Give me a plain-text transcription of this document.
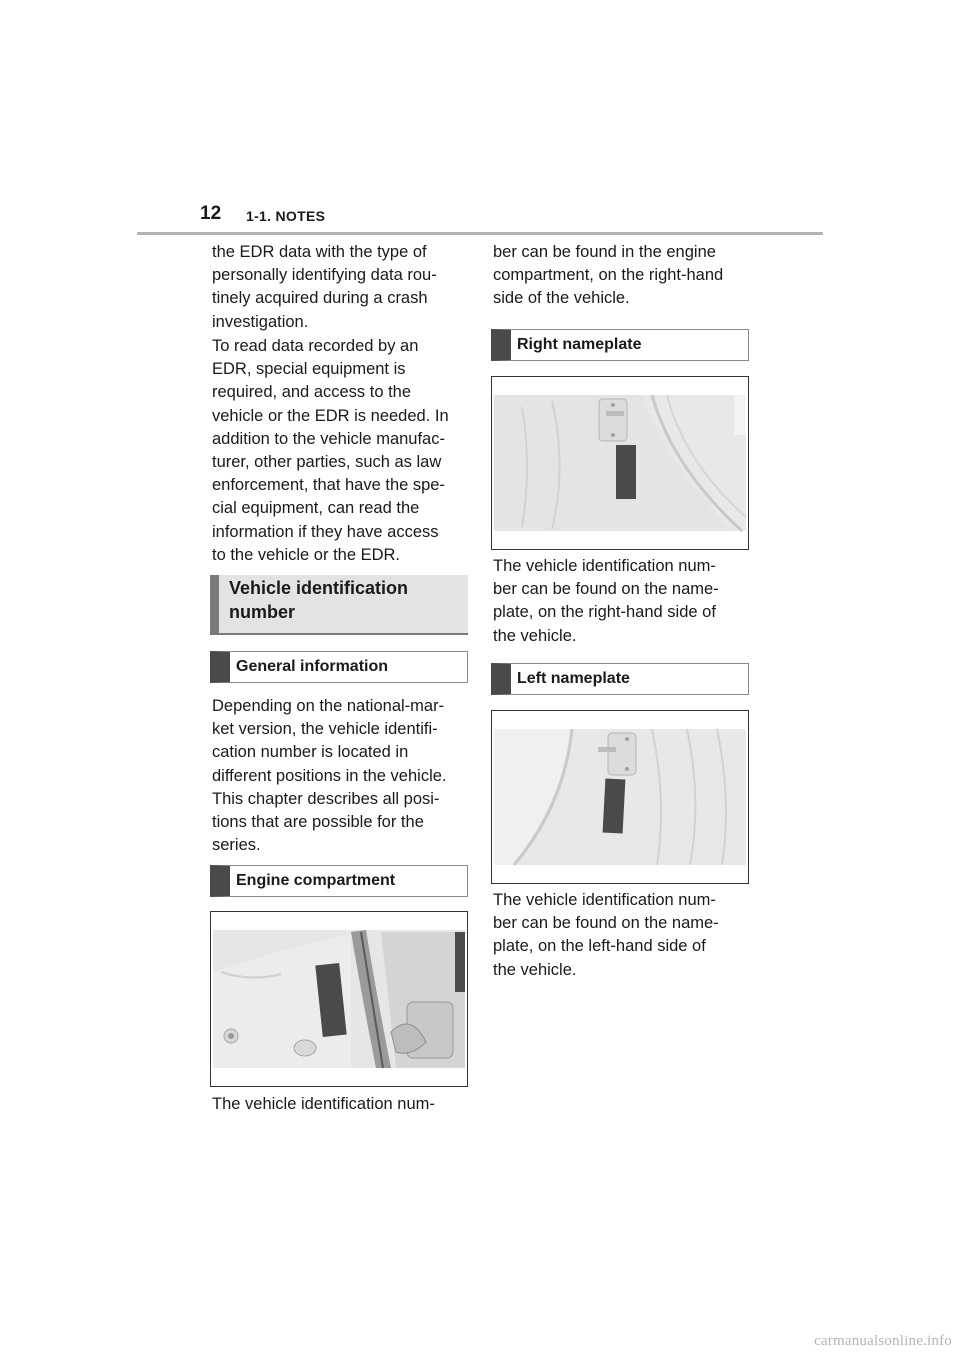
12 1-1. NOTES
the EDR data with the type of
personally identifying data rou-
tinely acquired during a crash
investigation.
To read data recorded by an
EDR, special equipment is
required, and access to the
vehicle or the EDR is needed. In
addition to the vehicle manufac-
turer, other parties, such as law
enforcement, that have the spe-
cial equipment, can read the
information if they have access
to the vehicle or the EDR.
Vehicle identification
number
General information
Depending on the national-mar-
ket version, the vehicle identifi-
cation number is located in
different positions in the vehicle.
This chapter describes all posi-
tions that are possible for the
series.
Engine compartment
The vehicle identification num-
ber can be found in the engine
compartment, on the right-hand
side of the vehicle.
Right nameplate
The vehicle identification num-
ber can be found on the name-
plate, on the right-hand side of
the vehicle.
Left nameplate
The vehicle identification num-
ber can be found on the name-
plate, on the left-hand side of
the vehicle.
carmanualsonline.info
